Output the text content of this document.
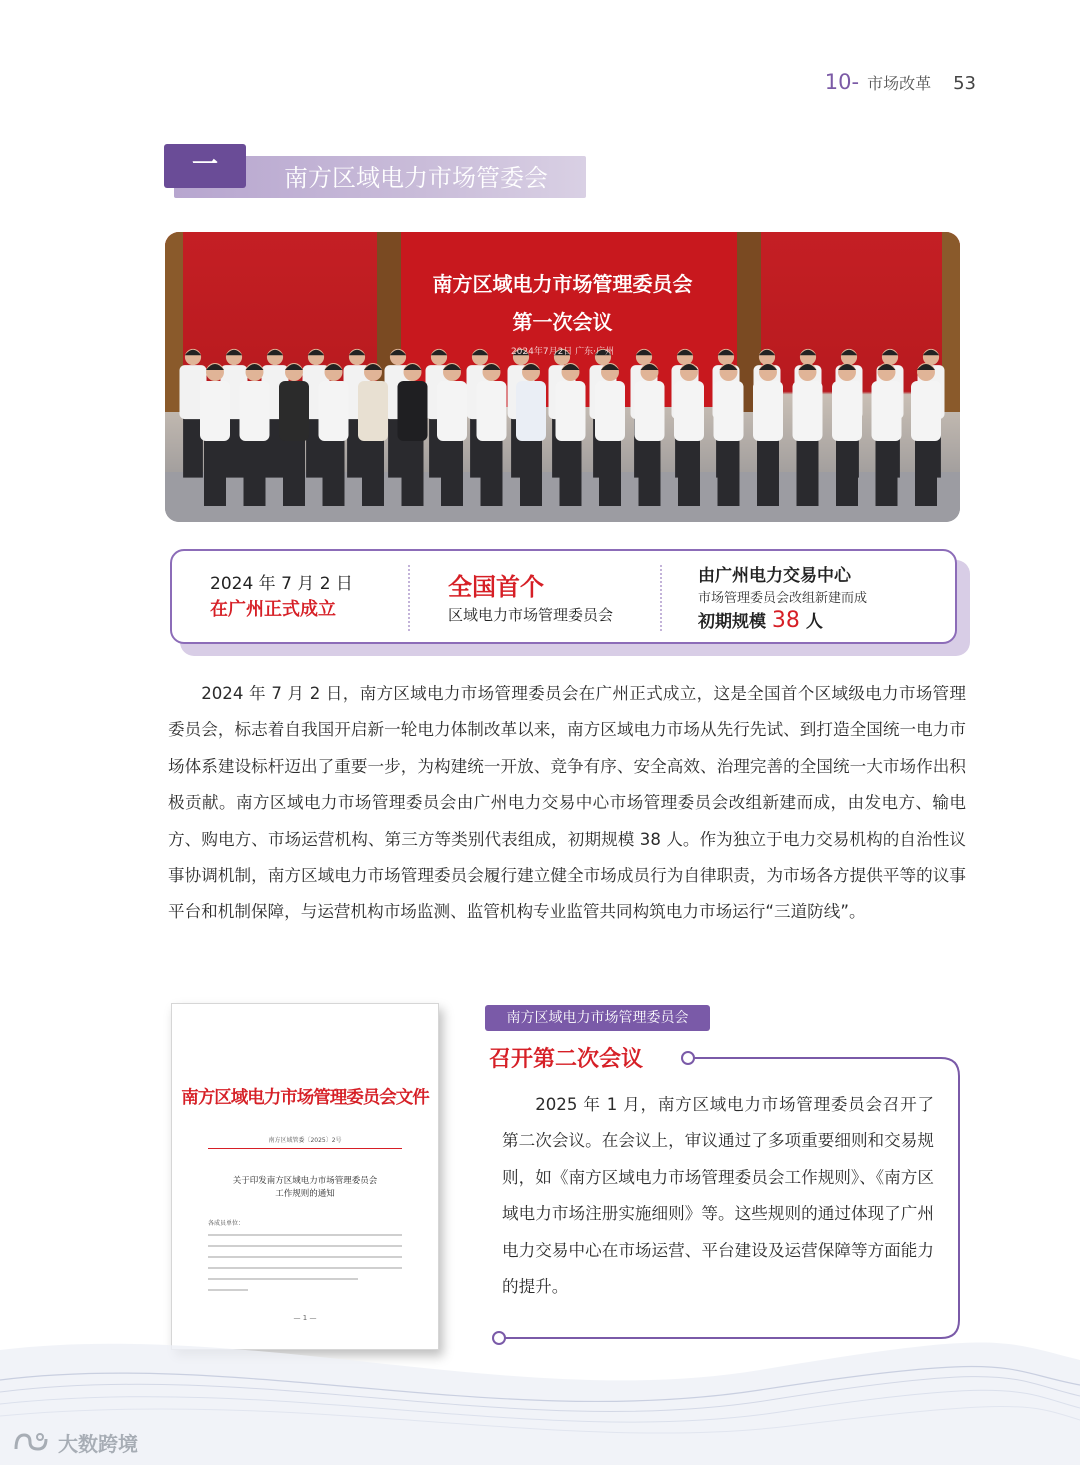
10- 市场改革 53
一	南方区域电力市场管委会
南方区域电力市场管理委员会
第一次会议
2024年7月2日 广东·广州
2024 年 7 月 2 日
在广州正式成立
全国首个
区域电力市场管理委员会
由广州电力交易中心
市场管理委员会改组新建而成
初期规模 38 人

2024 年 7 月 2 日，南方区域电力市场管理委员会在广州正式成立，这是全国首个区域级电力市场管理委员会，标志着自我国开启新一轮电力体制改革以来，南方区域电力市场从先行先试、到打造全国统一电力市场体系建设标杆迈出了重要一步，为构建统一开放、竞争有序、安全高效、治理完善的全国统一大市场作出积极贡献。南方区域电力市场管理委员会由广州电力交易中心市场管理委员会改组新建而成，由发电方、输电方、购电方、市场运营机构、第三方等类别代表组成，初期规模 38 人。作为独立于电力交易机构的自治性议事协调机制，南方区域电力市场管理委员会履行建立健全市场成员行为自律职责，为市场各方提供平等的议事平台和机制保障，与运营机构市场监测、监管机构专业监管共同构筑电力市场运行“三道防线”。

南方区域电力市场管理委员会文件
南方区域管委〔2025〕2号
关于印发南方区域电力市场管理委员会
工作规则的通知
各成员单位：
— 1 —
南方区域电力市场管理委员会
召开第二次会议

2025 年 1 月，南方区域电力市场管理委员会召开了第二次会议。在会议上，审议通过了多项重要细则和交易规则，如《南方区域电力市场管理委员会工作规则》、《南方区域电力市场注册实施细则》等。这些规则的通过体现了广州电力交易中心在市场运营、平台建设及运营保障等方面能力的提升。

大数跨境
